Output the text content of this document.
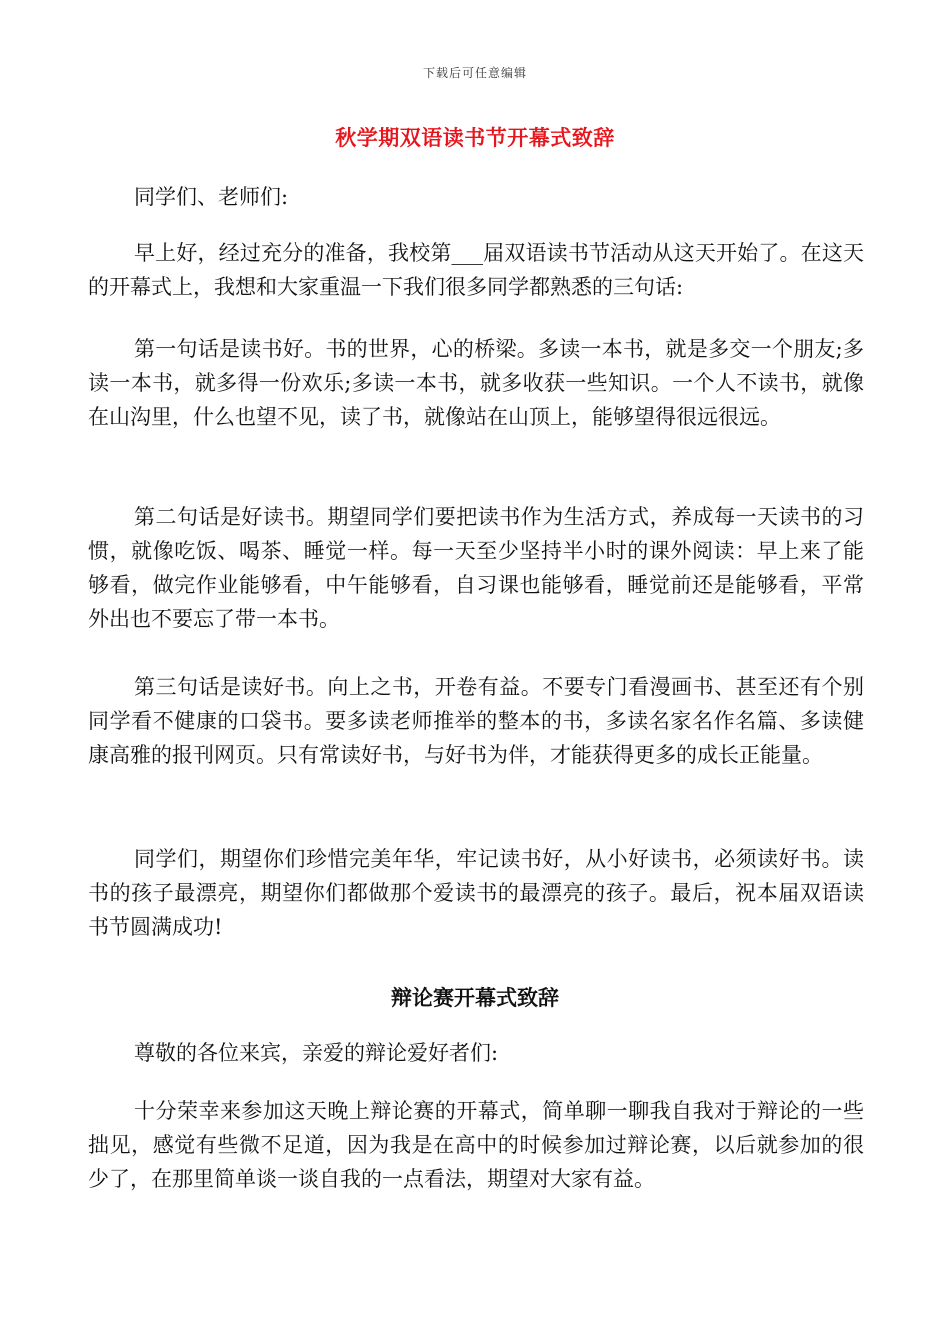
下载后可任意编辑
秋学期双语读书节开幕式致辞

同学们、老师们:

早上好，经过充分的准备，我校第___届双语读书节活动从这天开始了。在这天的开幕式上，我想和大家重温一下我们很多同学都熟悉的三句话:

第一句话是读书好。书的世界，心的桥梁。多读一本书，就是多交一个朋友;多读一本书，就多得一份欢乐;多读一本书，就多收获一些知识。一个人不读书，就像在山沟里，什么也望不见，读了书，就像站在山顶上，能够望得很远很远。

第二句话是好读书。期望同学们要把读书作为生活方式，养成每一天读书的习惯，就像吃饭、喝茶、睡觉一样。每一天至少坚持半小时的课外阅读：早上来了能够看，做完作业能够看，中午能够看，自习课也能够看，睡觉前还是能够看，平常外出也不要忘了带一本书。

第三句话是读好书。向上之书，开卷有益。不要专门看漫画书、甚至还有个别同学看不健康的口袋书。要多读老师推举的整本的书，多读名家名作名篇、多读健康高雅的报刊网页。只有常读好书，与好书为伴，才能获得更多的成长正能量。

同学们，期望你们珍惜完美年华，牢记读书好，从小好读书，必须读好书。读书的孩子最漂亮，期望你们都做那个爱读书的最漂亮的孩子。最后，祝本届双语读书节圆满成功!

辩论赛开幕式致辞

尊敬的各位来宾，亲爱的辩论爱好者们:

十分荣幸来参加这天晚上辩论赛的开幕式，简单聊一聊我自我对于辩论的一些拙见，感觉有些微不足道，因为我是在高中的时候参加过辩论赛，以后就参加的很少了，在那里简单谈一谈自我的一点看法，期望对大家有益。
